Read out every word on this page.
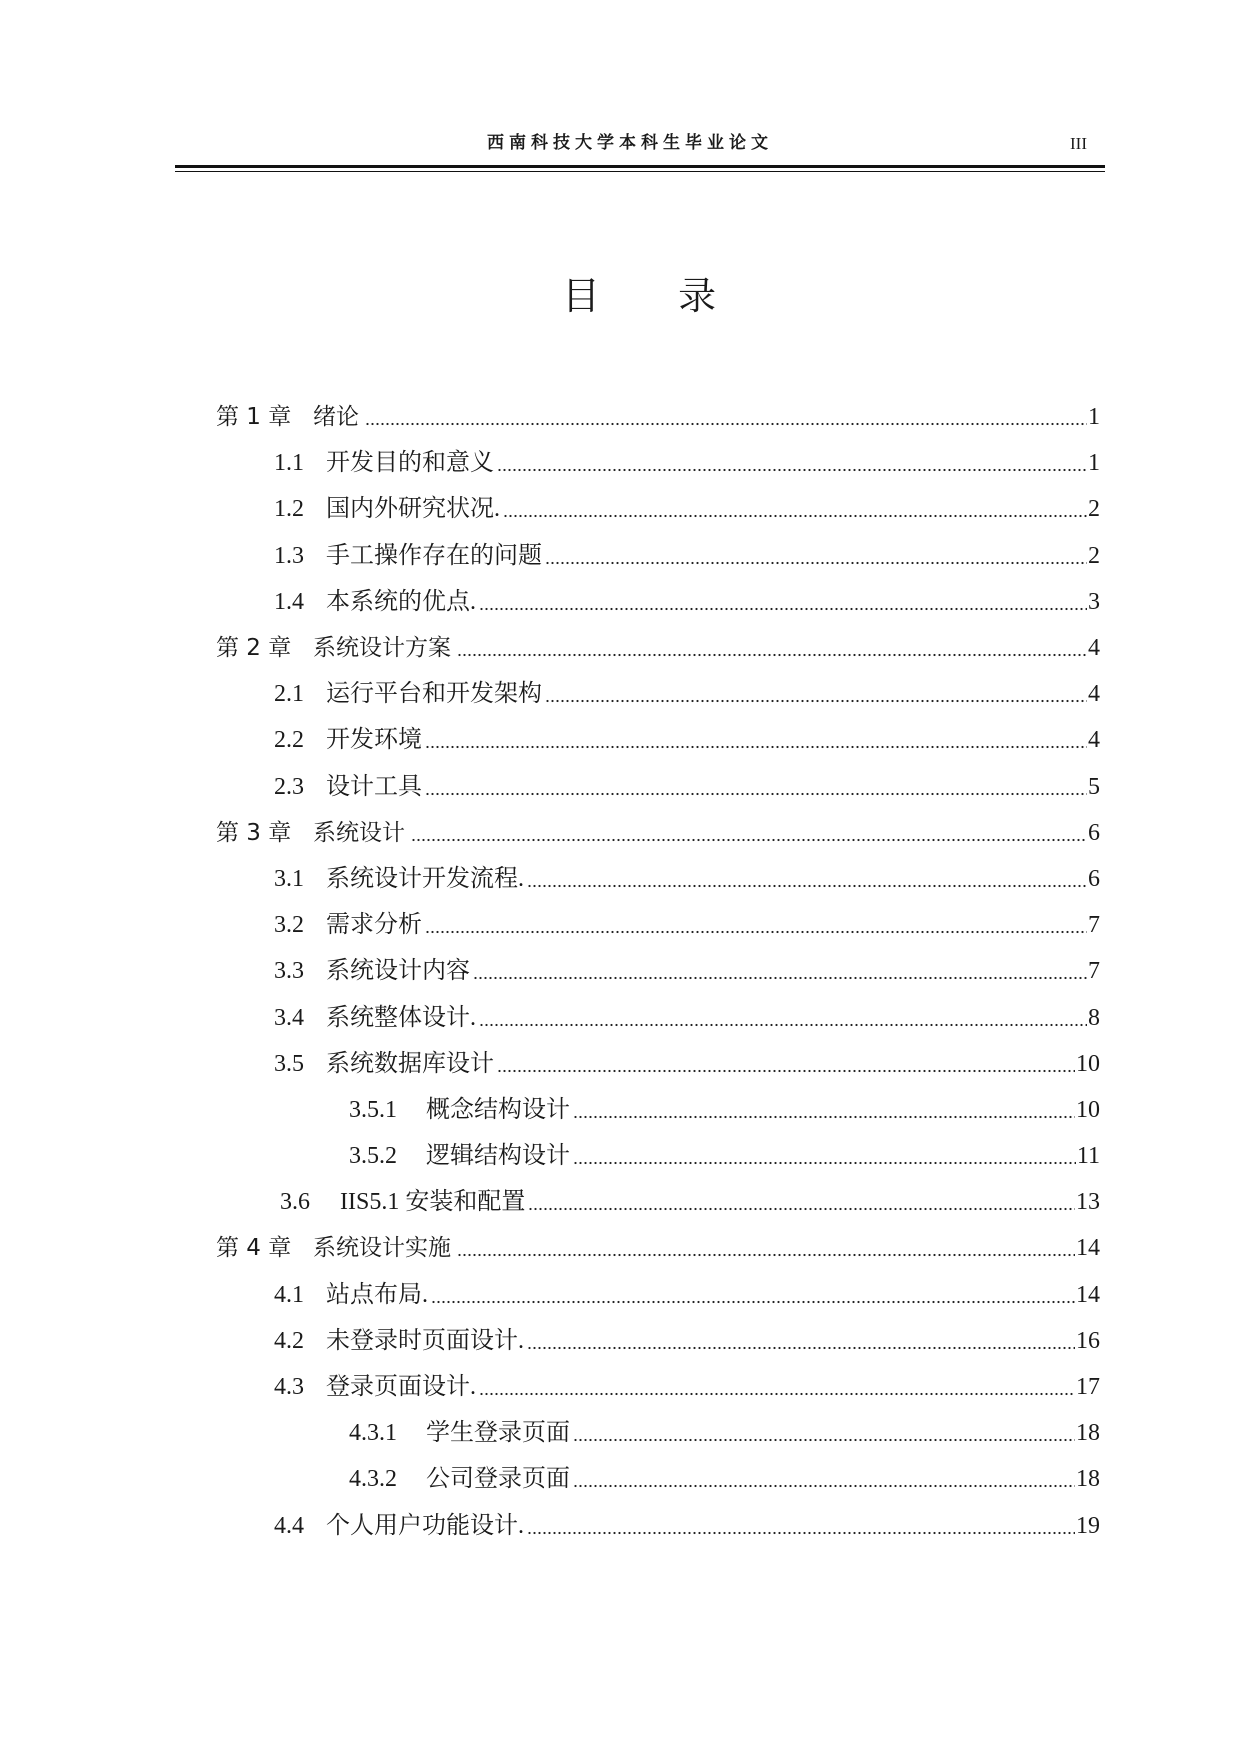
西南科技大学本科生毕业论文	III
目 录
第 1 章 绪论	1
1.1 开发目的和意义	1
1.2 国内外研究状况.	2
1.3 手工操作存在的问题	2
1.4 本系统的优点.	3
第 2 章 系统设计方案	4
2.1 运行平台和开发架构	4
2.2 开发环境	4
2.3 设计工具	5
第 3 章 系统设计	6
3.1 系统设计开发流程.	6
3.2 需求分析	7
3.3 系统设计内容	7
3.4 系统整体设计.	8
3.5 系统数据库设计	10
3.5.1	概念结构设计	10
3.5.2	逻辑结构设计	11
3.6	IIS5.1 安装和配置	13
第 4 章 系统设计实施	14
4.1 站点布局.	14
4.2 未登录时页面设计.	16
4.3 登录页面设计.	17
4.3.1	学生登录页面	18
4.3.2	公司登录页面	18
4.4 个人用户功能设计.	19
